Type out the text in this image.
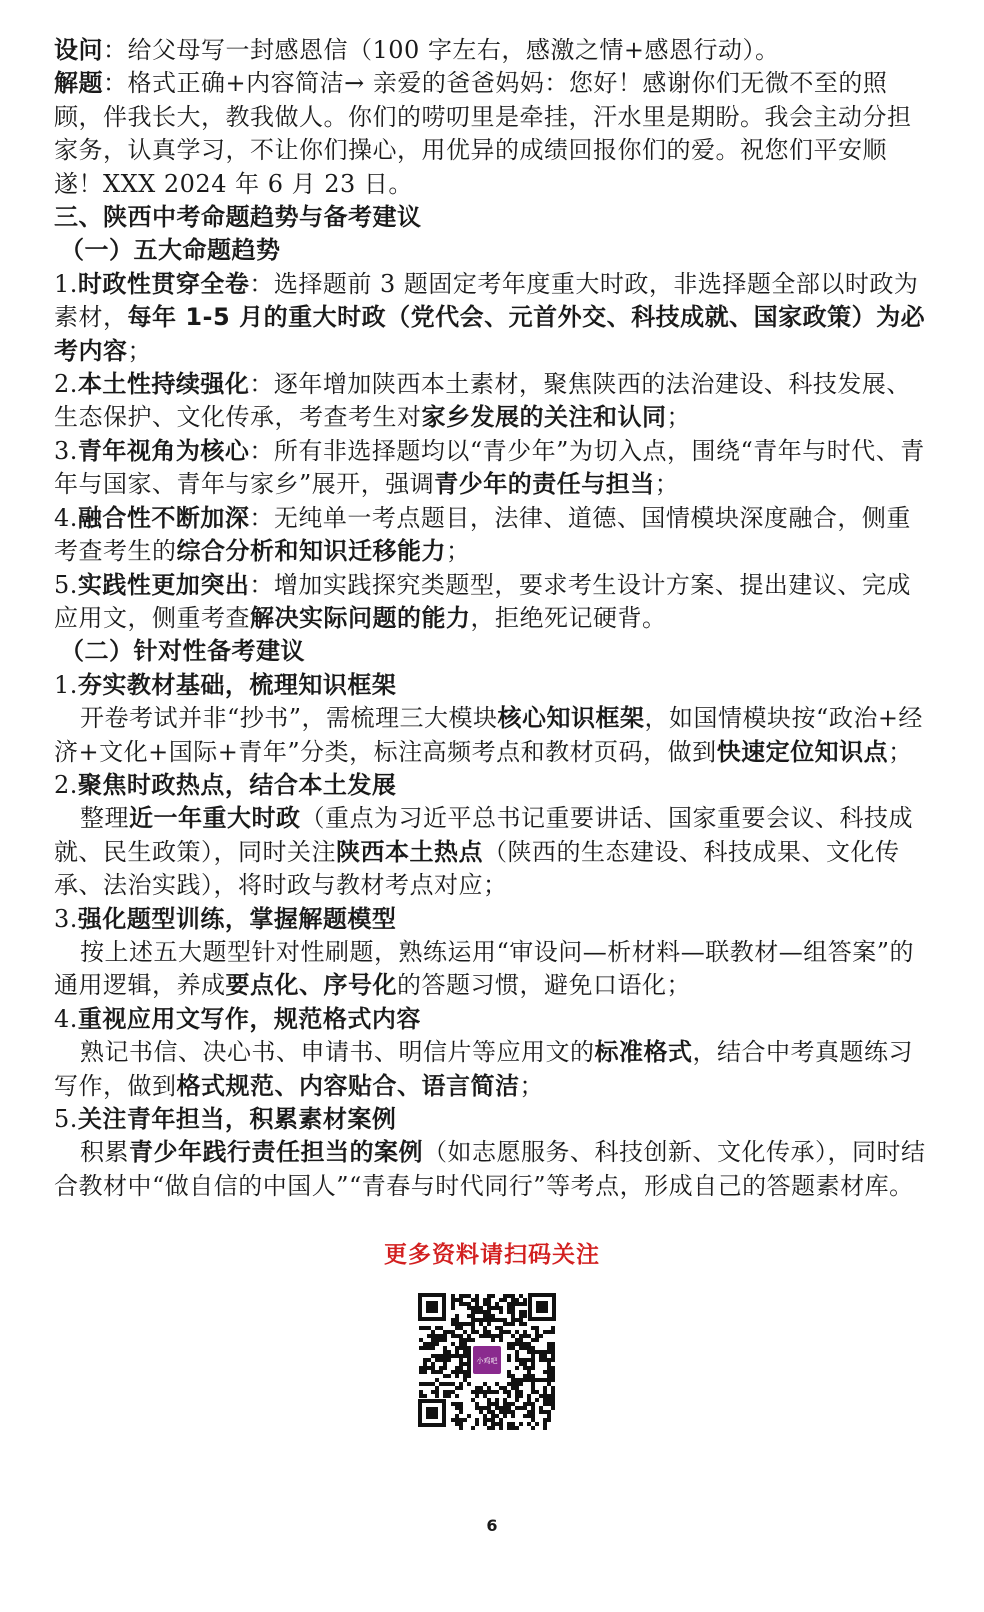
设问：给父母写一封感恩信（100 字左右，感激之情+感恩行动）。

解题：格式正确+内容简洁→ 亲爱的爸爸妈妈：您好！感谢你们无微不至的照顾，伴我长大，教我做人。你们的唠叨里是牵挂，汗水里是期盼。我会主动分担家务，认真学习，不让你们操心，用优异的成绩回报你们的爱。祝您们平安顺遂！XXX 2024 年 6 月 23 日。

三、陕西中考命题趋势与备考建议

（一）五大命题趋势

1.时政性贯穿全卷：选择题前 3 题固定考年度重大时政，非选择题全部以时政为素材，每年 1-5 月的重大时政（党代会、元首外交、科技成就、国家政策）为必考内容；

2.本土性持续强化：逐年增加陕西本土素材，聚焦陕西的法治建设、科技发展、生态保护、文化传承，考查考生对家乡发展的关注和认同；

3.青年视角为核心：所有非选择题均以“青少年”为切入点，围绕“青年与时代、青年与国家、青年与家乡”展开，强调青少年的责任与担当；

4.融合性不断加深：无纯单一考点题目，法律、道德、国情模块深度融合，侧重考查考生的综合分析和知识迁移能力；

5.实践性更加突出：增加实践探究类题型，要求考生设计方案、提出建议、完成应用文，侧重考查解决实际问题的能力，拒绝死记硬背。

（二）针对性备考建议

1.夯实教材基础，梳理知识框架

开卷考试并非“抄书”，需梳理三大模块核心知识框架，如国情模块按“政治+经济+文化+国际+青年”分类，标注高频考点和教材页码，做到快速定位知识点；

2.聚焦时政热点，结合本土发展

整理近一年重大时政（重点为习近平总书记重要讲话、国家重要会议、科技成就、民生政策），同时关注陕西本土热点（陕西的生态建设、科技成果、文化传承、法治实践），将时政与教材考点对应；

3.强化题型训练，掌握解题模型

按上述五大题型针对性刷题，熟练运用“审设问—析材料—联教材—组答案”的通用逻辑，养成要点化、序号化的答题习惯，避免口语化；

4.重视应用文写作，规范格式内容

熟记书信、决心书、申请书、明信片等应用文的标准格式，结合中考真题练习写作，做到格式规范、内容贴合、语言简洁；

5.关注青年担当，积累素材案例

积累青少年践行责任担当的案例（如志愿服务、科技创新、文化传承），同时结合教材中“做自信的中国人”“青春与时代同行”等考点，形成自己的答题素材库。

更多资料请扫码关注
小鸡吧
6
